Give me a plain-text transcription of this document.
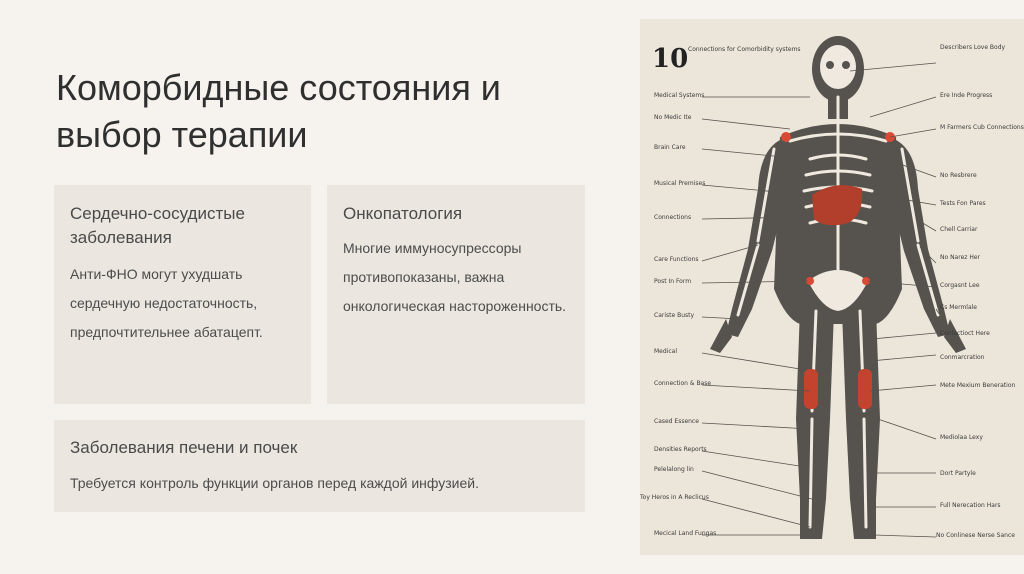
Коморбидные состояния и выбор терапии

Сердечно-сосудистые заболевания

Анти-ФНО могут ухудшать сердечную недостаточность, предпочтительнее абатацепт.

Онкопатология

Многие иммуносупрессоры противопоказаны, важна онкологическая настороженность.

Заболевания печени и почек

Требуется контроль функции органов перед каждой инфузией.

10 Connections for Comorbidity systems
Medical Systems
No Medic Ite
Brain Care
Musical Premises
Connections
Care Functions
Post In Form
Cariste Busty
Medical
Connection & Base
Cased Essence
Densities Reports
Pelelalong lin
Toy Heros in A Reclicus
Mecical Land Fungas
Describers Love Body
Ere Inde Progress
M Farmers Cub Connections
No Resbrere
Tests Fon Pares
Chell Carriar
No Narez Her
Corgasnt Lee
Cs Mermlale
Conlactioct Here
Conmarcration
Mete Mexium Beneration
Mediolaa Lexy
Dort Partyle
Full Nerecation Hars
No Conlinese Nerse Sance
